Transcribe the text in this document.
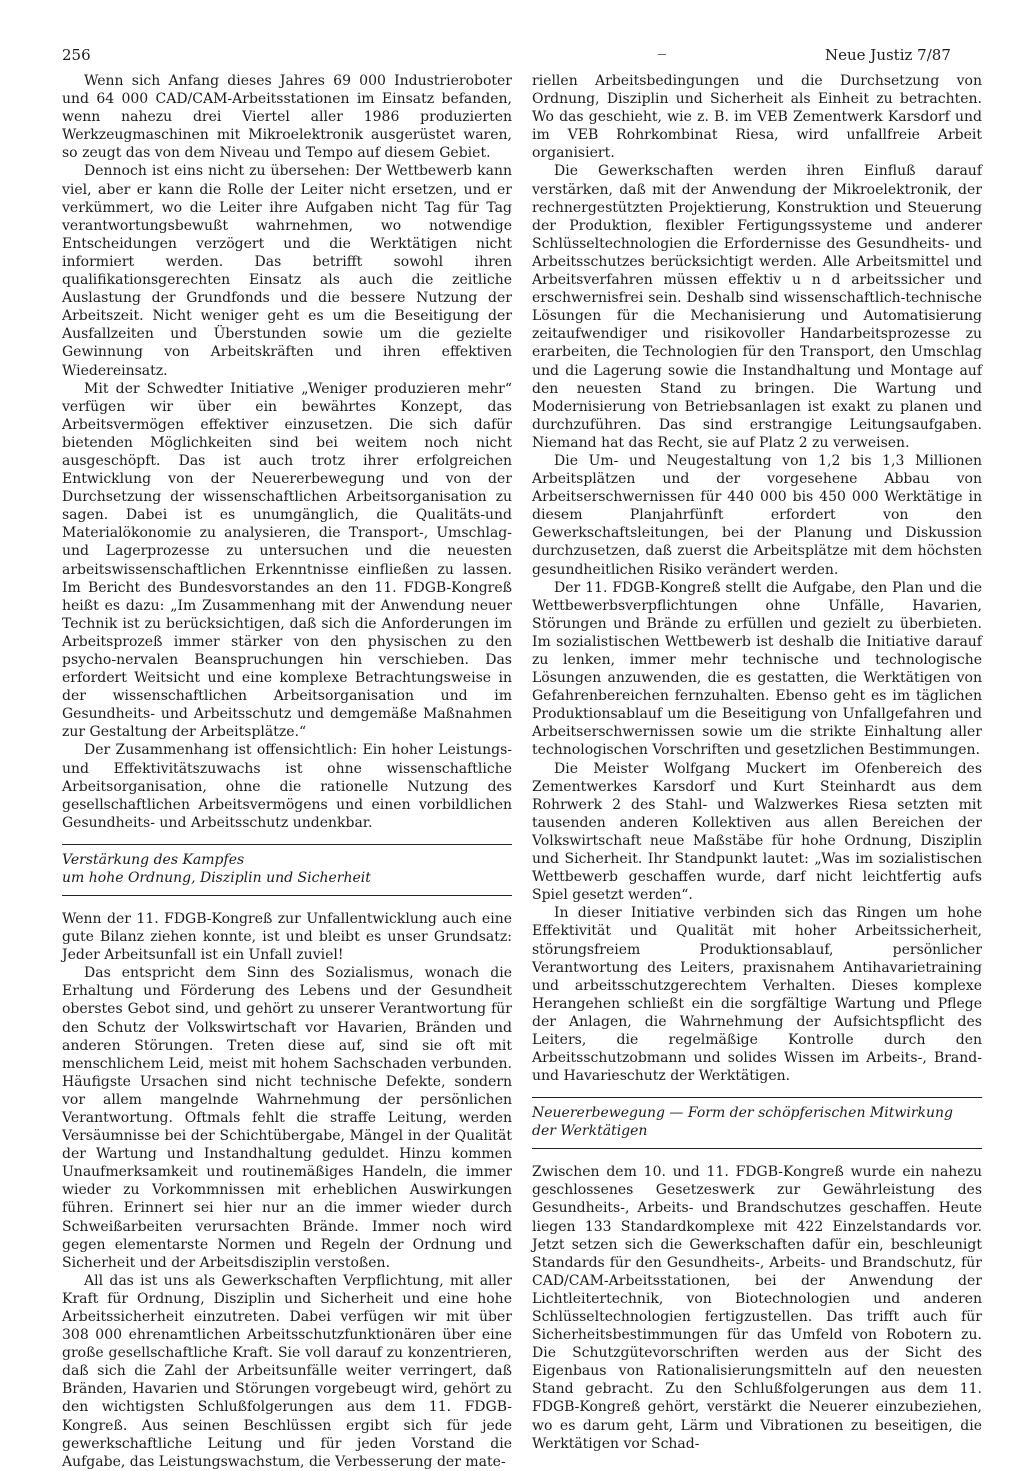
256	Neue Justiz 7/87

Wenn sich Anfang dieses Jahres 69 000 Industrieroboter und 64 000 CAD/CAM-Arbeitsstationen im Einsatz befanden, wenn nahezu drei Viertel aller 1986 produzierten Werkzeugmaschinen mit Mikroelektronik ausgerüstet waren, so zeugt das von dem Niveau und Tempo auf diesem Gebiet.

Dennoch ist eins nicht zu übersehen: Der Wettbewerb kann viel, aber er kann die Rolle der Leiter nicht ersetzen, und er verkümmert, wo die Leiter ihre Aufgaben nicht Tag für Tag verantwortungsbewußt wahrnehmen, wo notwendige Entscheidungen verzögert und die Werktätigen nicht informiert werden. Das betrifft sowohl ihren qualifikationsgerechten Einsatz als auch die zeitliche Auslastung der Grundfonds und die bessere Nutzung der Arbeitszeit. Nicht weniger geht es um die Beseitigung der Ausfallzeiten und Überstunden sowie um die gezielte Gewinnung von Arbeitskräften und ihren effektiven Wiedereinsatz.

Mit der Schwedter Initiative „Weniger produzieren mehr“ verfügen wir über ein bewährtes Konzept, das Arbeitsvermögen effektiver einzusetzen. Die sich dafür bietenden Möglichkeiten sind bei weitem noch nicht ausgeschöpft. Das ist auch trotz ihrer erfolgreichen Entwicklung von der Neuererbewegung und von der Durchsetzung der wissenschaftlichen Arbeitsorganisation zu sagen. Dabei ist es unumgänglich, die Qualitäts-und Materialökonomie zu analysieren, die Transport-, Umschlag- und Lagerprozesse zu untersuchen und die neuesten arbeitswissenschaftlichen Erkenntnisse einfließen zu lassen. Im Bericht des Bundesvorstandes an den 11. FDGB-Kongreß heißt es dazu: „Im Zusammenhang mit der Anwendung neuer Technik ist zu berücksichtigen, daß sich die Anforderungen im Arbeitsprozeß immer stärker von den physischen zu den psycho-nervalen Beanspruchungen hin verschieben. Das erfordert Weitsicht und eine komplexe Betrachtungsweise in der wissenschaftlichen Arbeitsorganisation und im Gesundheits- und Arbeitsschutz und demgemäße Maßnahmen zur Gestaltung der Arbeitsplätze.“

Der Zusammenhang ist offensichtlich: Ein hoher Leistungs- und Effektivitätszuwachs ist ohne wissenschaftliche Arbeitsorganisation, ohne die rationelle Nutzung des gesellschaftlichen Arbeitsvermögens und einen vorbildlichen Gesundheits- und Arbeitsschutz undenkbar.

Verstärkung des Kampfes
um hohe Ordnung, Disziplin und Sicherheit

Wenn der 11. FDGB-Kongreß zur Unfallentwicklung auch eine gute Bilanz ziehen konnte, ist und bleibt es unser Grundsatz: Jeder Arbeitsunfall ist ein Unfall zuviel!

Das entspricht dem Sinn des Sozialismus, wonach die Erhaltung und Förderung des Lebens und der Gesundheit oberstes Gebot sind, und gehört zu unserer Verantwortung für den Schutz der Volkswirtschaft vor Havarien, Bränden und anderen Störungen. Treten diese auf, sind sie oft mit menschlichem Leid, meist mit hohem Sachschaden verbunden. Häufigste Ursachen sind nicht technische Defekte, sondern vor allem mangelnde Wahrnehmung der persönlichen Verantwortung. Oftmals fehlt die straffe Leitung, werden Versäumnisse bei der Schichtübergabe, Mängel in der Qualität der Wartung und Instandhaltung geduldet. Hinzu kommen Unaufmerksamkeit und routinemäßiges Handeln, die immer wieder zu Vorkommnissen mit erheblichen Auswirkungen führen. Erinnert sei hier nur an die immer wieder durch Schweißarbeiten verursachten Brände. Immer noch wird gegen elementarste Normen und Regeln der Ordnung und Sicherheit und der Arbeitsdisziplin verstoßen.

All das ist uns als Gewerkschaften Verpflichtung, mit aller Kraft für Ordnung, Disziplin und Sicherheit und eine hohe Arbeitssicherheit einzutreten. Dabei verfügen wir mit über 308 000 ehrenamtlichen Arbeitsschutzfunktionären über eine große gesellschaftliche Kraft. Sie voll darauf zu konzentrieren, daß sich die Zahl der Arbeitsunfälle weiter verringert, daß Bränden, Havarien und Störungen vorgebeugt wird, gehört zu den wichtigsten Schlußfolgerungen aus dem 11. FDGB-Kongreß. Aus seinen Beschlüssen ergibt sich für jede gewerkschaftliche Leitung und für jeden Vorstand die Aufgabe, das Leistungswachstum, die Verbesserung der mate-

riellen Arbeitsbedingungen und die Durchsetzung von Ordnung, Disziplin und Sicherheit als Einheit zu betrachten. Wo das geschieht, wie z. B. im VEB Zementwerk Karsdorf und im VEB Rohrkombinat Riesa, wird unfallfreie Arbeit organisiert.

Die Gewerkschaften werden ihren Einfluß darauf verstärken, daß mit der Anwendung der Mikroelektronik, der rechnergestützten Projektierung, Konstruktion und Steuerung der Produktion, flexibler Fertigungssysteme und anderer Schlüsseltechnologien die Erfordernisse des Gesundheits- und Arbeitsschutzes berücksichtigt werden. Alle Arbeitsmittel und Arbeitsverfahren müssen effektiv u n d arbeitssicher und erschwernisfrei sein. Deshalb sind wissenschaftlich-technische Lösungen für die Mechanisierung und Automatisierung zeitaufwendiger und risikovoller Handarbeitsprozesse zu erarbeiten, die Technologien für den Transport, den Umschlag und die Lagerung sowie die Instandhaltung und Montage auf den neuesten Stand zu bringen. Die Wartung und Modernisierung von Betriebsanlagen ist exakt zu planen und durchzuführen. Das sind erstrangige Leitungsaufgaben. Niemand hat das Recht, sie auf Platz 2 zu verweisen.

Die Um- und Neugestaltung von 1,2 bis 1,3 Millionen Arbeitsplätzen und der vorgesehene Abbau von Arbeitserschwernissen für 440 000 bis 450 000 Werktätige in diesem Planjahrfünft erfordert von den Gewerkschaftsleitungen, bei der Planung und Diskussion durchzusetzen, daß zuerst die Arbeitsplätze mit dem höchsten gesundheitlichen Risiko verändert werden.

Der 11. FDGB-Kongreß stellt die Aufgabe, den Plan und die Wettbewerbsverpflichtungen ohne Unfälle, Havarien, Störungen und Brände zu erfüllen und gezielt zu überbieten. Im sozialistischen Wettbewerb ist deshalb die Initiative darauf zu lenken, immer mehr technische und technologische Lösungen anzuwenden, die es gestatten, die Werktätigen von Gefahrenbereichen fernzuhalten. Ebenso geht es im täglichen Produktionsablauf um die Beseitigung von Unfallgefahren und Arbeitserschwernissen sowie um die strikte Einhaltung aller technologischen Vorschriften und gesetzlichen Bestimmungen.

Die Meister Wolfgang Muckert im Ofenbereich des Zementwerkes Karsdorf und Kurt Steinhardt aus dem Rohrwerk 2 des Stahl- und Walzwerkes Riesa setzten mit tausenden anderen Kollektiven aus allen Bereichen der Volkswirtschaft neue Maßstäbe für hohe Ordnung, Disziplin und Sicherheit. Ihr Standpunkt lautet: „Was im sozialistischen Wettbewerb geschaffen wurde, darf nicht leichtfertig aufs Spiel gesetzt werden“.

In dieser Initiative verbinden sich das Ringen um hohe Effektivität und Qualität mit hoher Arbeitssicherheit, störungsfreiem Produktionsablauf, persönlicher Verantwortung des Leiters, praxisnahem Antihavarietraining und arbeitsschutzgerechtem Verhalten. Dieses komplexe Herangehen schließt ein die sorgfältige Wartung und Pflege der Anlagen, die Wahrnehmung der Aufsichtspflicht des Leiters, die regelmäßige Kontrolle durch den Arbeitsschutzobmann und solides Wissen im Arbeits-, Brand- und Havarieschutz der Werktätigen.

Neuererbewegung — Form der schöpferischen Mitwirkung
der Werktätigen

Zwischen dem 10. und 11. FDGB-Kongreß wurde ein nahezu geschlossenes Gesetzeswerk zur Gewährleistung des Gesundheits-, Arbeits- und Brandschutzes geschaffen. Heute liegen 133 Standardkomplexe mit 422 Einzelstandards vor. Jetzt setzen sich die Gewerkschaften dafür ein, beschleunigt Standards für den Gesundheits-, Arbeits- und Brandschutz, für CAD/CAM-Arbeitsstationen, bei der Anwendung der Lichtleitertechnik, von Biotechnologien und anderen Schlüsseltechnologien fertigzustellen. Das trifft auch für Sicherheitsbestimmungen für das Umfeld von Robotern zu. Die Schutzgütevorschriften werden aus der Sicht des Eigenbaus von Rationalisierungsmitteln auf den neuesten Stand gebracht. Zu den Schlußfolgerungen aus dem 11. FDGB-Kongreß gehört, verstärkt die Neuerer einzubeziehen, wo es darum geht, Lärm und Vibrationen zu beseitigen, die Werktätigen vor Schad-
